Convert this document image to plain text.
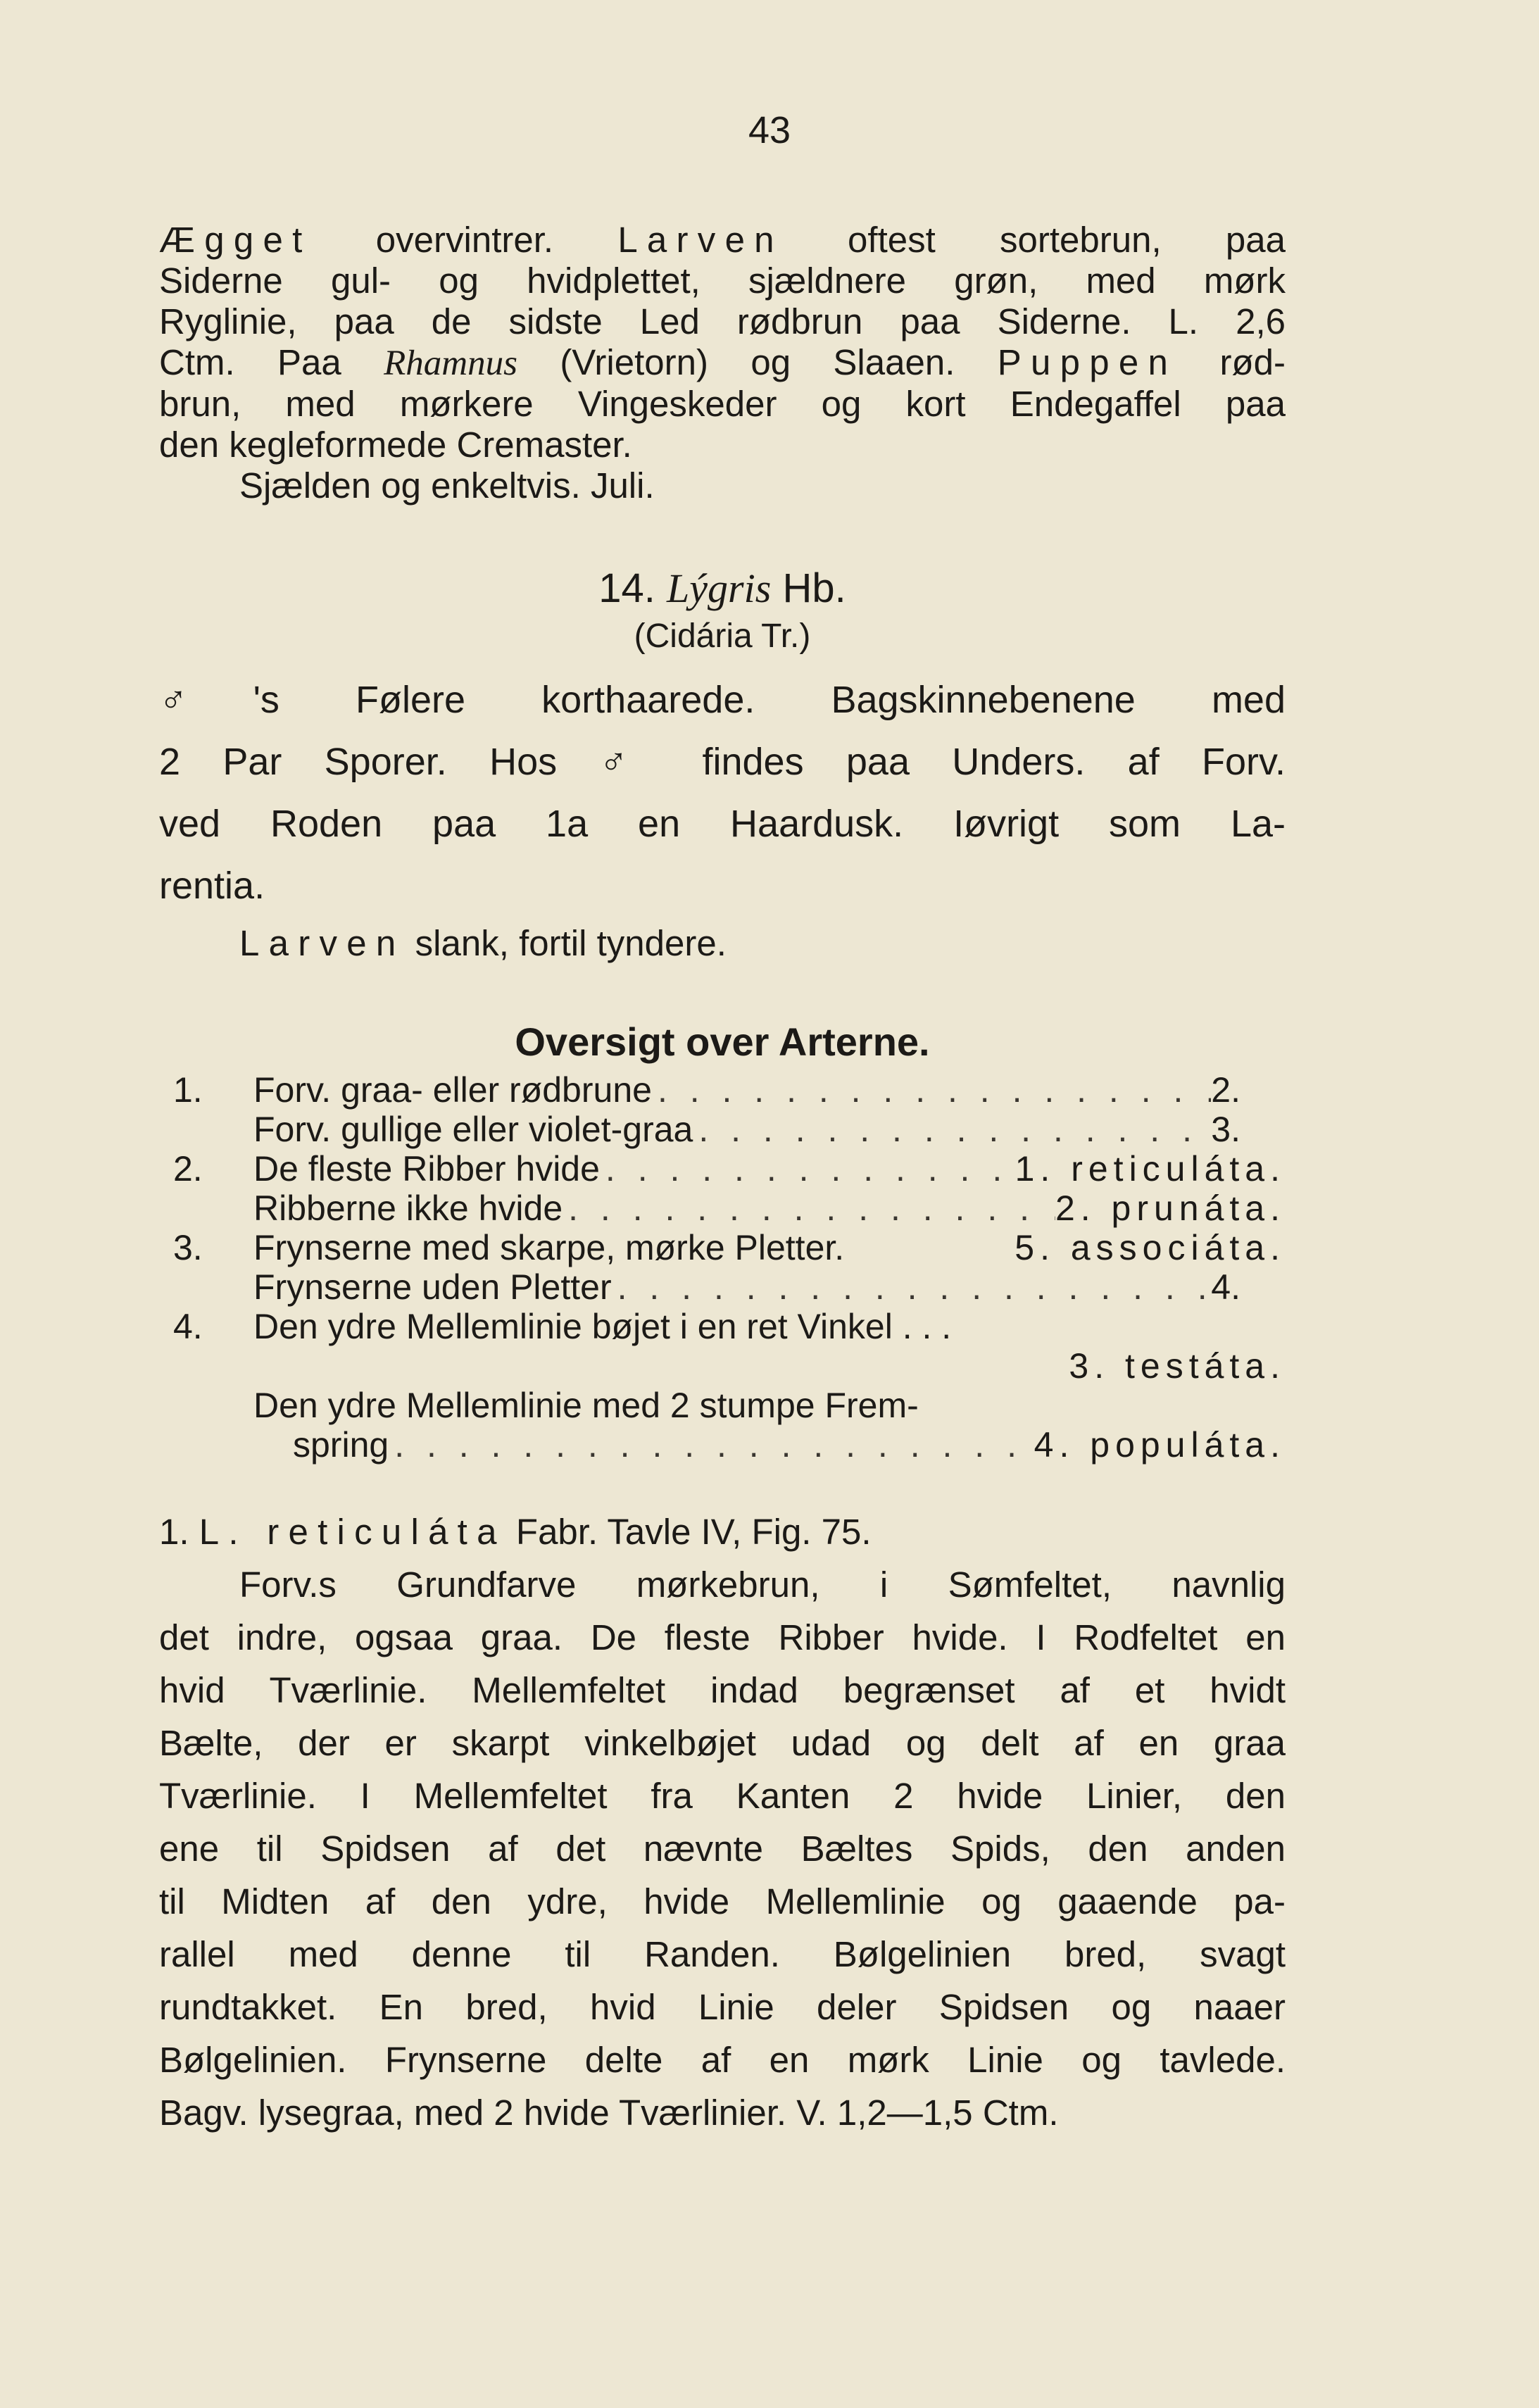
43
Ægget overvintrer. Larven oftest sortebrun, paa
Siderne gul- og hvidplettet, sjældnere grøn, med mørk
Ryglinie, paa de sidste Led rødbrun paa Siderne. L. 2,6
Ctm. Paa Rhamnus (Vrietorn) og Slaaen. Puppen rød-
brun, med mørkere Vingeskeder og kort Endegaffel paa
den kegleformede Cremaster.
Sjælden og enkeltvis. Juli.
14. Lýgris Hb.
(Cidária Tr.)
♂'s Følere korthaarede. Bagskinnebenene med
2 Par Sporer. Hos ♂ findes paa Unders. af Forv.
ved Roden paa 1a en Haardusk. Iøvrigt som La-
rentia.
Larven slank, fortil tyndere.
Oversigt over Arterne.
1. Forv. graa- eller rødbrune . . .	2.
Forv. gullige eller violet-graa . . .	3.
2. De fleste Ribber hvide . . .	1. reticuláta.
Ribberne ikke hvide . . .	2. prunáta.
3. Frynserne med skarpe, mørke Pletter.	5. associáta.
Frynserne uden Pletter . . .	4.
4. Den ydre Mellemlinie bøjet i en ret Vinkel . . .
3. testáta.
Den ydre Mellemlinie med 2 stumpe Frem-
spring . . .	4. populáta.
1. L. reticuláta Fabr. Tavle IV, Fig. 75.
Forv.s Grundfarve mørkebrun, i Sømfeltet, navnlig
det indre, ogsaa graa. De fleste Ribber hvide. I Rodfeltet en
hvid Tværlinie. Mellemfeltet indad begrænset af et hvidt
Bælte, der er skarpt vinkelbøjet udad og delt af en graa
Tværlinie. I Mellemfeltet fra Kanten 2 hvide Linier, den
ene til Spidsen af det nævnte Bæltes Spids, den anden
til Midten af den ydre, hvide Mellemlinie og gaaende pa-
rallel med denne til Randen. Bølgelinien bred, svagt
rundtakket. En bred, hvid Linie deler Spidsen og naaer
Bølgelinien. Frynserne delte af en mørk Linie og tavlede.
Bagv. lysegraa, med 2 hvide Tværlinier. V. 1,2—1,5 Ctm.
